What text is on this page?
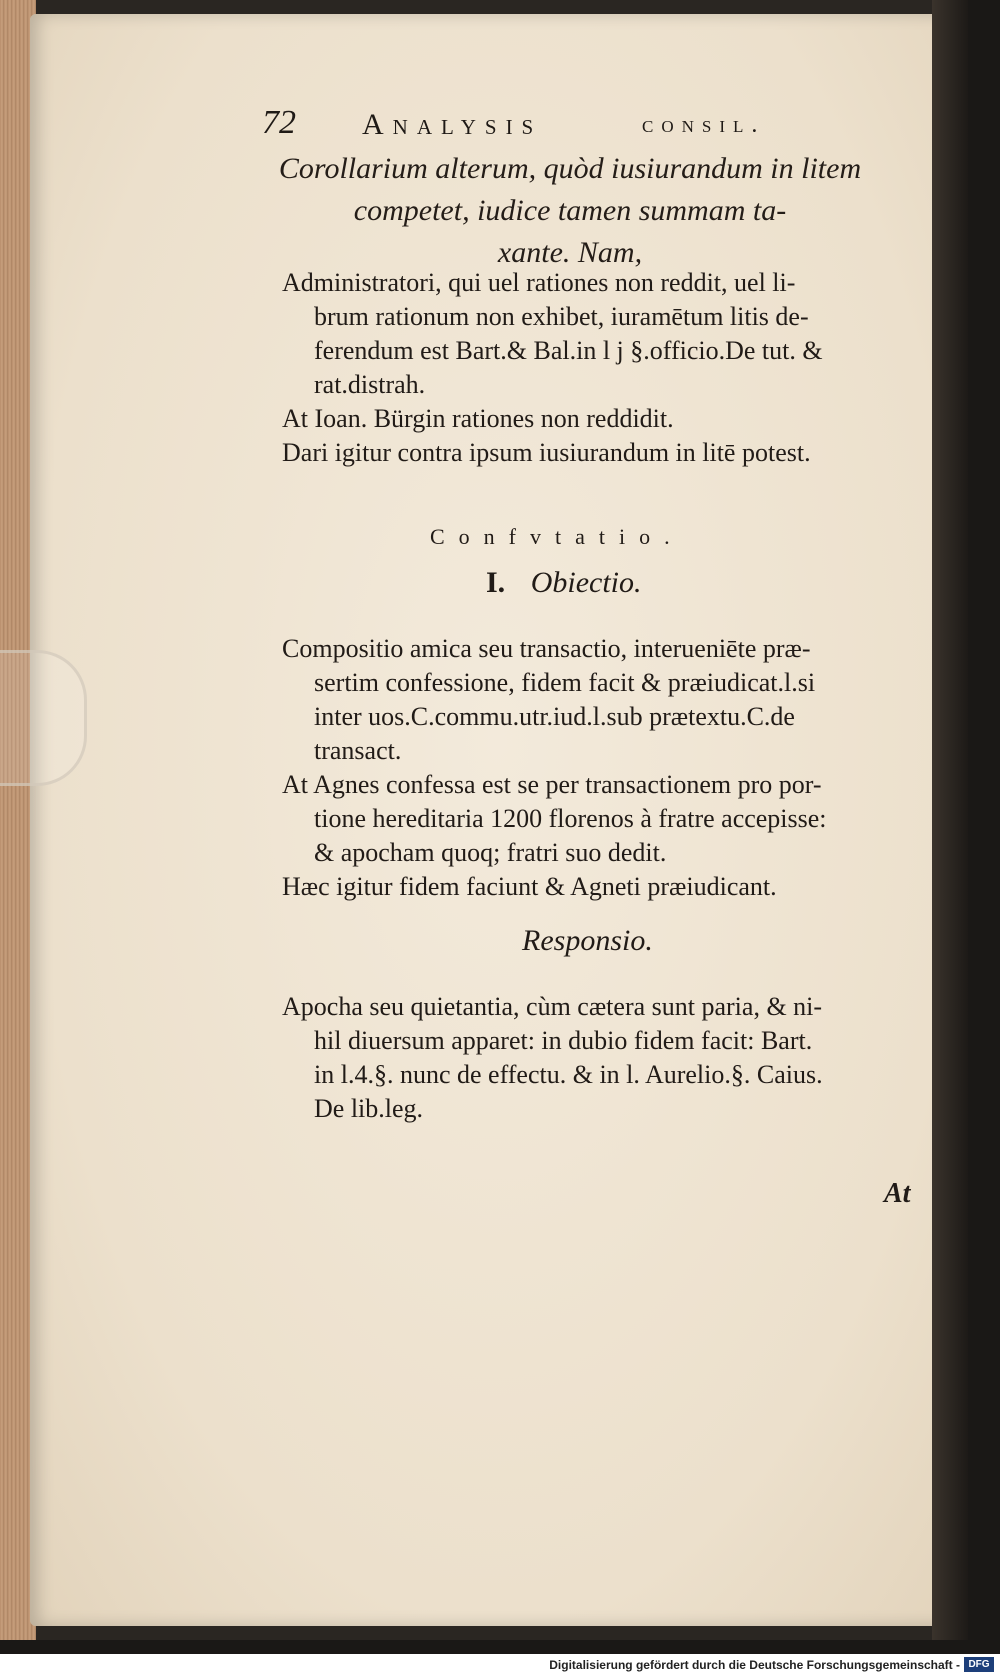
72 Analysis	consil.
Corollarium alterum, quòd iusiurandum in litem
competet, iudice tamen summam ta-
xante. Nam,
Administratori, qui uel rationes non reddit, uel li-
brum rationum non exhibet, iuramētum litis de-
ferendum est Bart.& Bal.in l j §.officio.De tut. &
rat.distrah.
At Ioan. Bürgin rationes non reddidit.
Dari igitur contra ipsum iusiurandum in litē potest.
Confvtatio.
I. Obiectio.
Compositio amica seu transactio, interueniēte præ-
sertim confessione, fidem facit & præiudicat.l.si
inter uos.C.commu.utr.iud.l.sub prætextu.C.de
transact.
At Agnes confessa est se per transactionem pro por-
tione hereditaria 1200 florenos à fratre accepisse:
& apocham quoq; fratri suo dedit.
Hæc igitur fidem faciunt & Agneti præiudicant.
Responsio.
Apocha seu quietantia, cùm cætera sunt paria, & ni-
hil diuersum apparet: in dubio fidem facit: Bart.
in l.4.§. nunc de effectu. & in l. Aurelio.§. Caius.
De lib.leg.
At
Digitalisierung gefördert durch die Deutsche Forschungsgemeinschaft - DFG
